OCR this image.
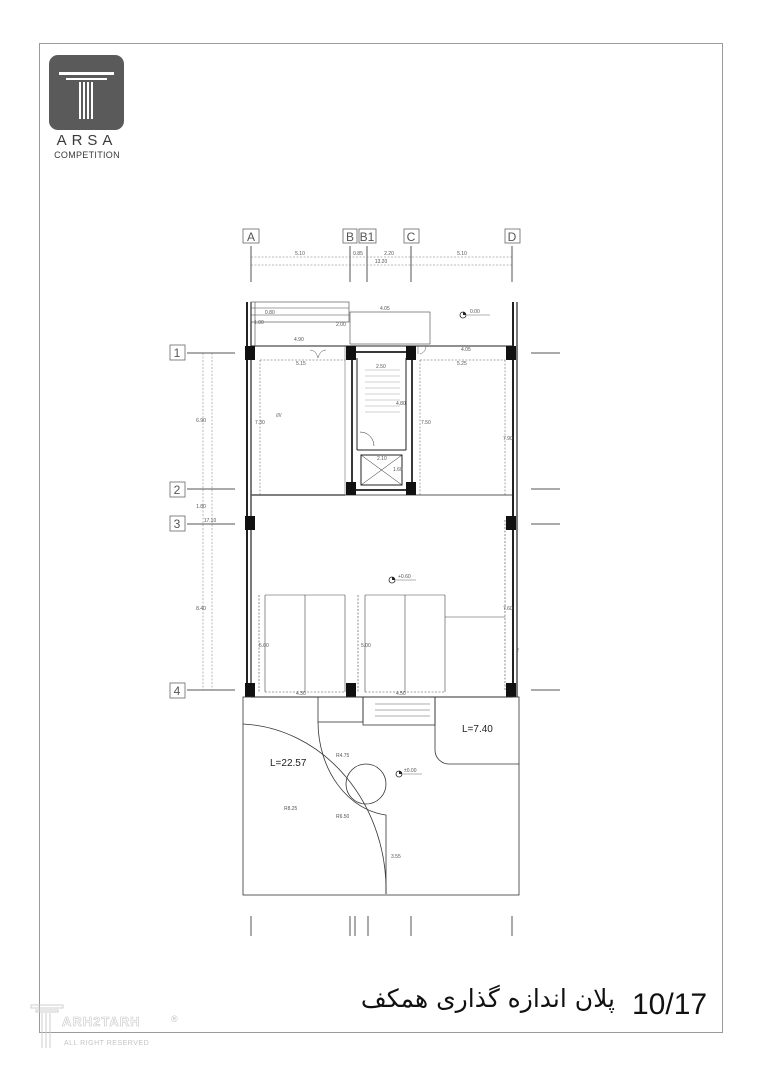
ARSA
COMPETITION
A	B B1	C	D
5.10	0.85	2.20	5.10
13.20
1
2
3
4
6.90
1.80
8.40
17.10
0.80
1.00	2.00
4.05
4.90
4.05
0.00
5.15
7.30
////
2.50
4.80
2.10
1.60
5.25
7.50
7.90
+0.60
5.00	5.00
7.60
4.30	4.50
2
L=22.57
L=7.40
R4.75
R8.25
R6.50
3.55
±0.00
پلان اندازه گذاری همکف 10/17
ARH2TARH
ALL RIGHT RESERVED
®
